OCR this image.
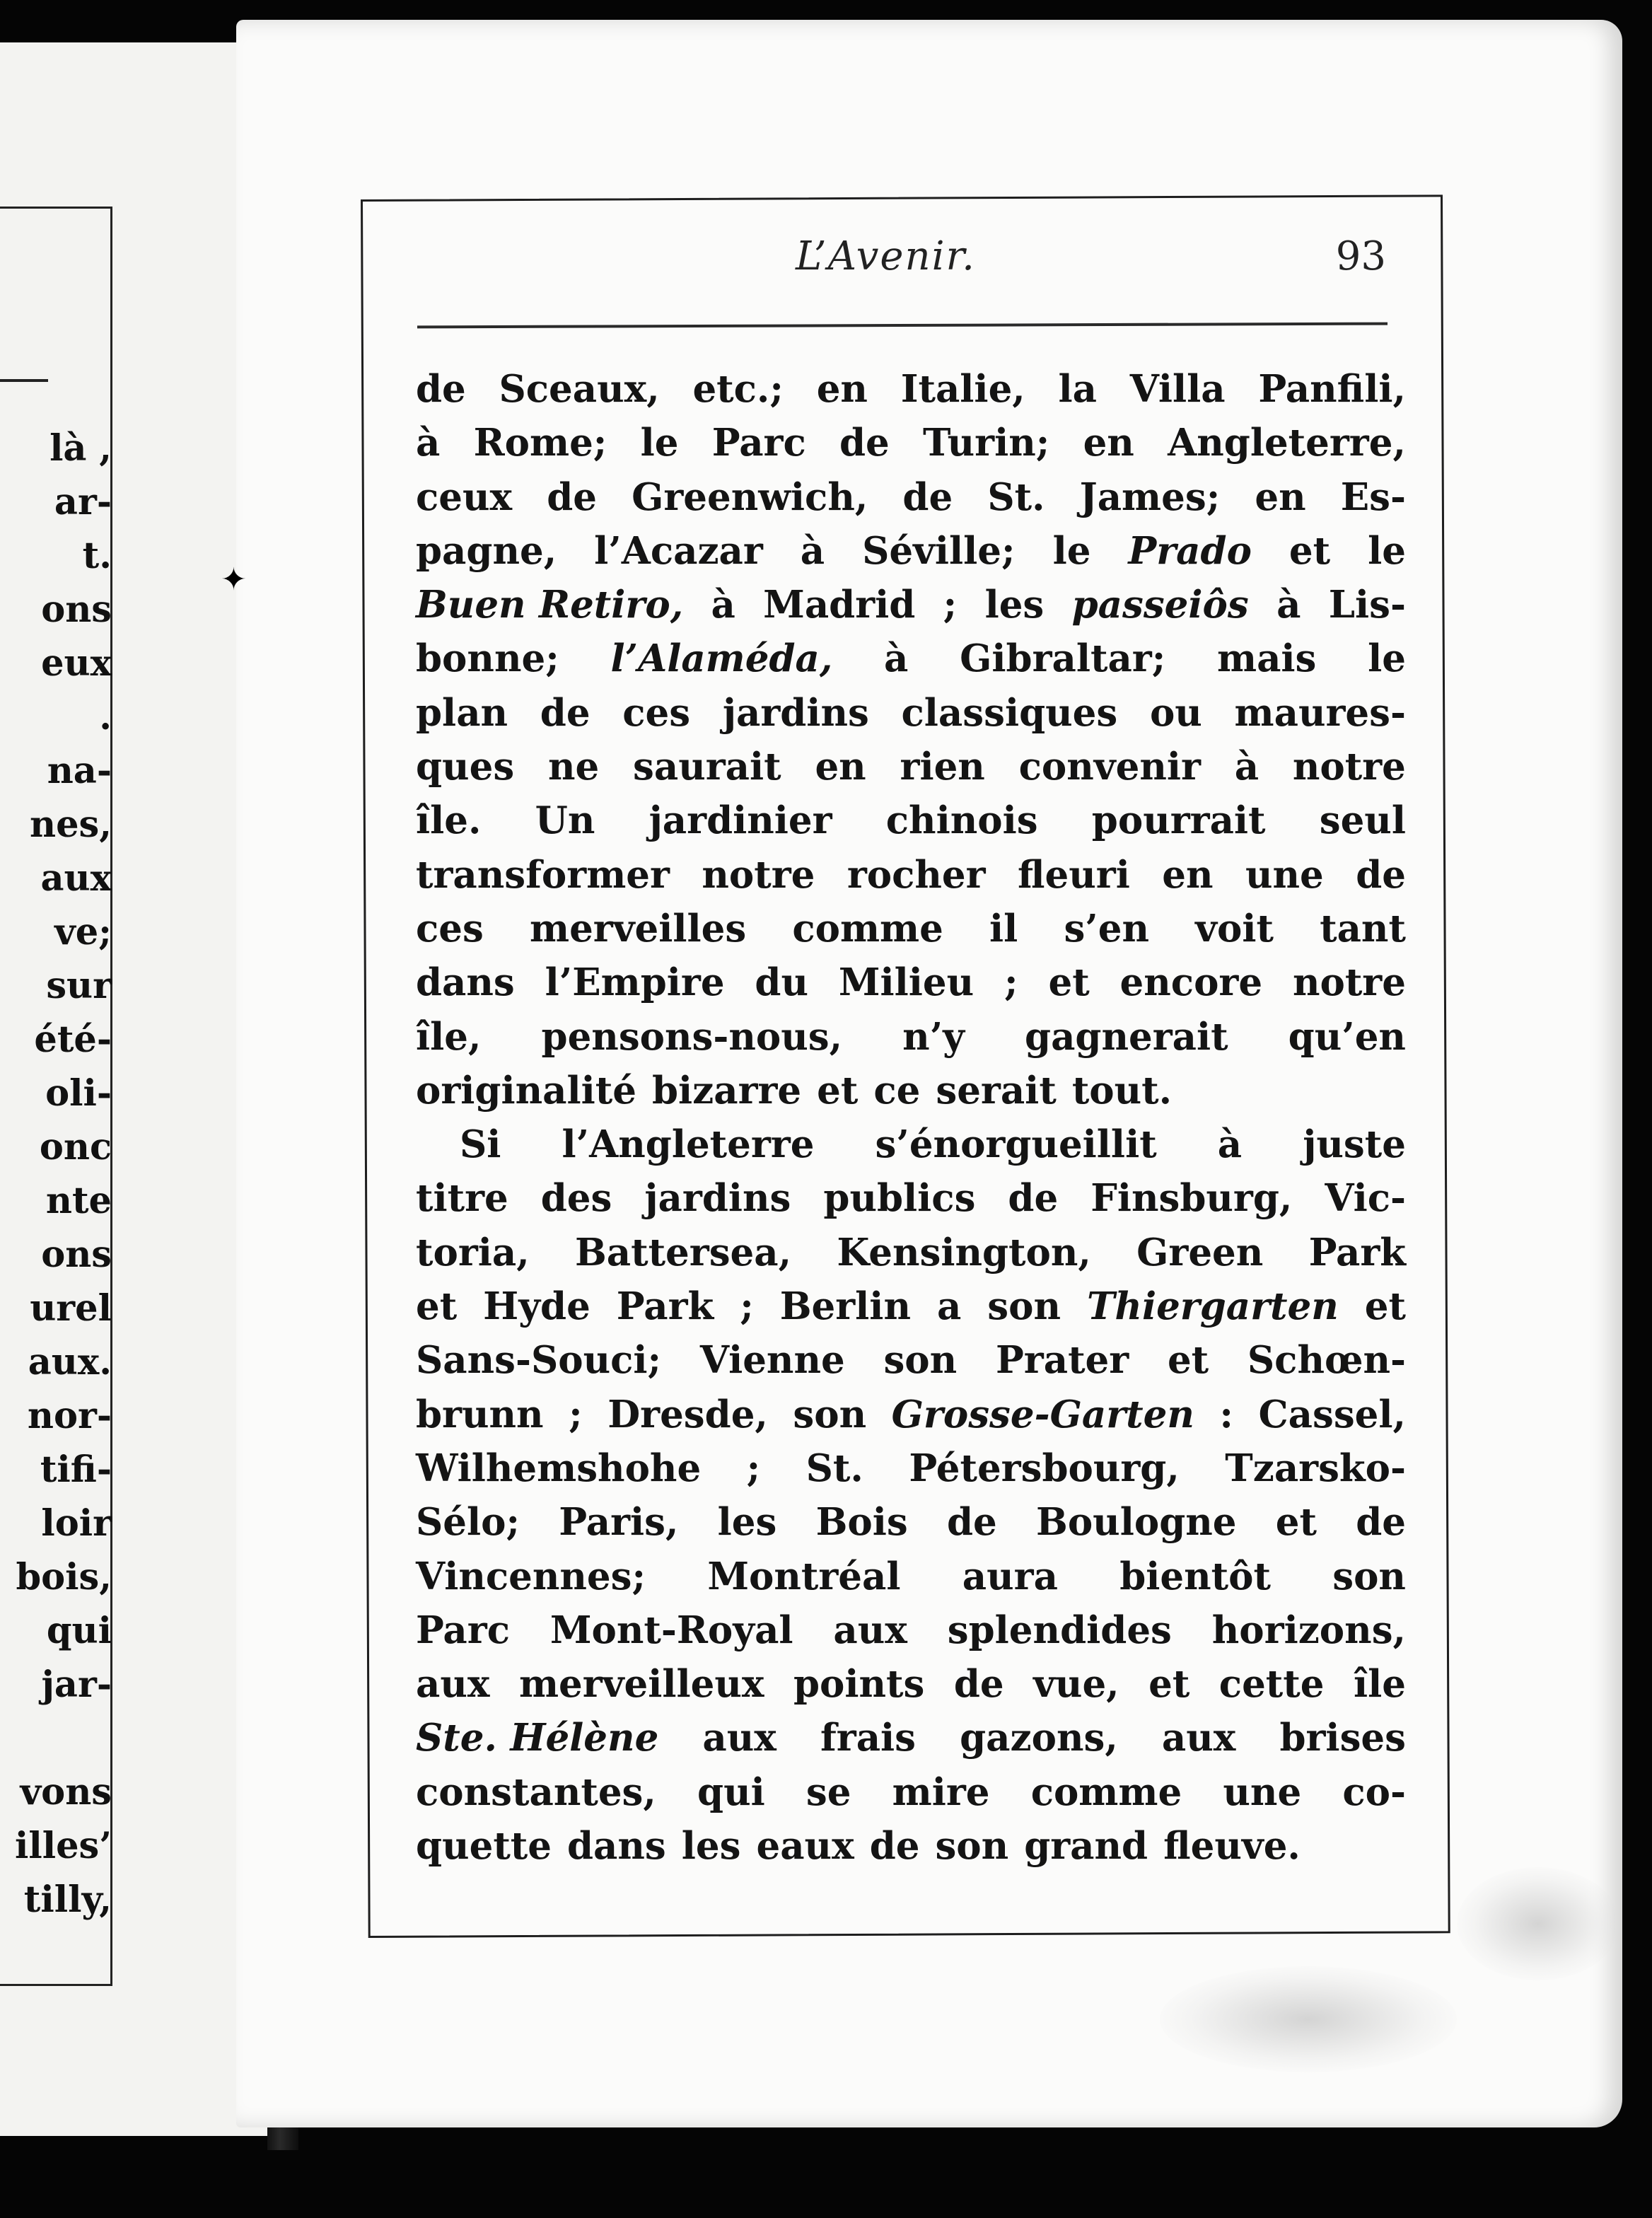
là ,
ar-
t.
ons
eux
.
na-
nes,
aux
ve;
sur
été-
oli-
onc
nte
ons
urel
aux.
nor-
tifi-
loir
bois,
qui
jar-
vons
illes’
tilly,
L’Avenir.	93
de Sceaux, etc.; en Italie, la Villa Panfili,
à Rome; le Parc de Turin; en Angleterre,
ceux de Greenwich, de St. James; en Es-
pagne, l’Acazar à Séville; le Prado et le
Buen Retiro, à Madrid ; les passeiôs à Lis-
bonne; l’Alaméda, à Gibraltar; mais le
plan de ces jardins classiques ou maures-
ques ne saurait en rien convenir à notre
île. Un jardinier chinois pourrait seul
transformer notre rocher fleuri en une de
ces merveilles comme il s’en voit tant
dans l’Empire du Milieu ; et encore notre
île, pensons-nous, n’y gagnerait qu’en
originalité bizarre et ce serait tout.
Si l’Angleterre s’énorgueillit à juste
titre des jardins publics de Finsburg, Vic-
toria, Battersea, Kensington, Green Park
et Hyde Park ; Berlin a son Thiergarten et
Sans-Souci; Vienne son Prater et Schœn-
brunn ; Dresde, son Grosse-Garten : Cassel,
Wilhemshohe ; St. Pétersbourg, Tzarsko-
Sélo; Paris, les Bois de Boulogne et de
Vincennes; Montréal aura bientôt son
Parc Mont-Royal aux splendides horizons,
aux merveilleux points de vue, et cette île
Ste. Hélène aux frais gazons, aux brises
constantes, qui se mire comme une co-
quette dans les eaux de son grand fleuve.
✦
